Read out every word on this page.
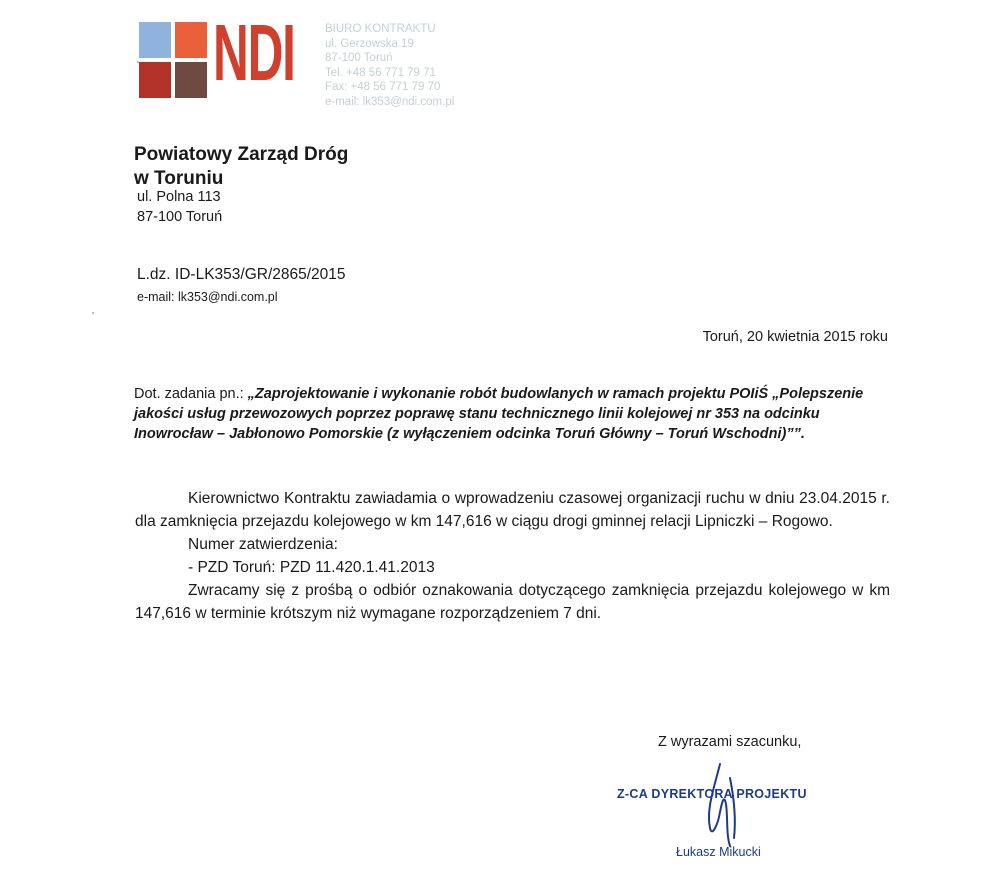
NDI	BIURO KONTRAKTU
ul. Gerzowska 19
87-100 Toruń
Tel. +48 56 771 79 71
Fax: +48 56 771 79 70
e-mail: lk353@ndi.com.pl
Powiatowy Zarząd Dróg
w Toruniu
ul. Polna 113
87-100 Toruń
L.dz. ID-LK353/GR/2865/2015
e-mail: lk353@ndi.com.pl
Toruń, 20 kwietnia 2015 roku
Dot. zadania pn.: „Zaprojektowanie i wykonanie robót budowlanych w ramach projektu POIiŚ „Polepszenie jakości usług przewozowych poprzez poprawę stanu technicznego linii kolejowej nr 353 na odcinku Inowrocław – Jabłonowo Pomorskie (z wyłączeniem odcinka Toruń Główny – Toruń Wschodni)””.

Kierownictwo Kontraktu zawiadamia o wprowadzeniu czasowej organizacji ruchu w dniu 23.04.2015 r. dla zamknięcia przejazdu kolejowego w km 147,616 w ciągu drogi gminnej relacji Lipniczki – Rogowo.

Numer zatwierdzenia:

- PZD Toruń: PZD 11.420.1.41.2013

Zwracamy się z prośbą o odbiór oznakowania dotyczącego zamknięcia przejazdu kolejowego w km 147,616 w terminie krótszym niż wymagane rozporządzeniem 7 dni.

Z wyrazami szacunku,
Z-CA DYREKTORA PROJEKTU
Łukasz Mikucki
